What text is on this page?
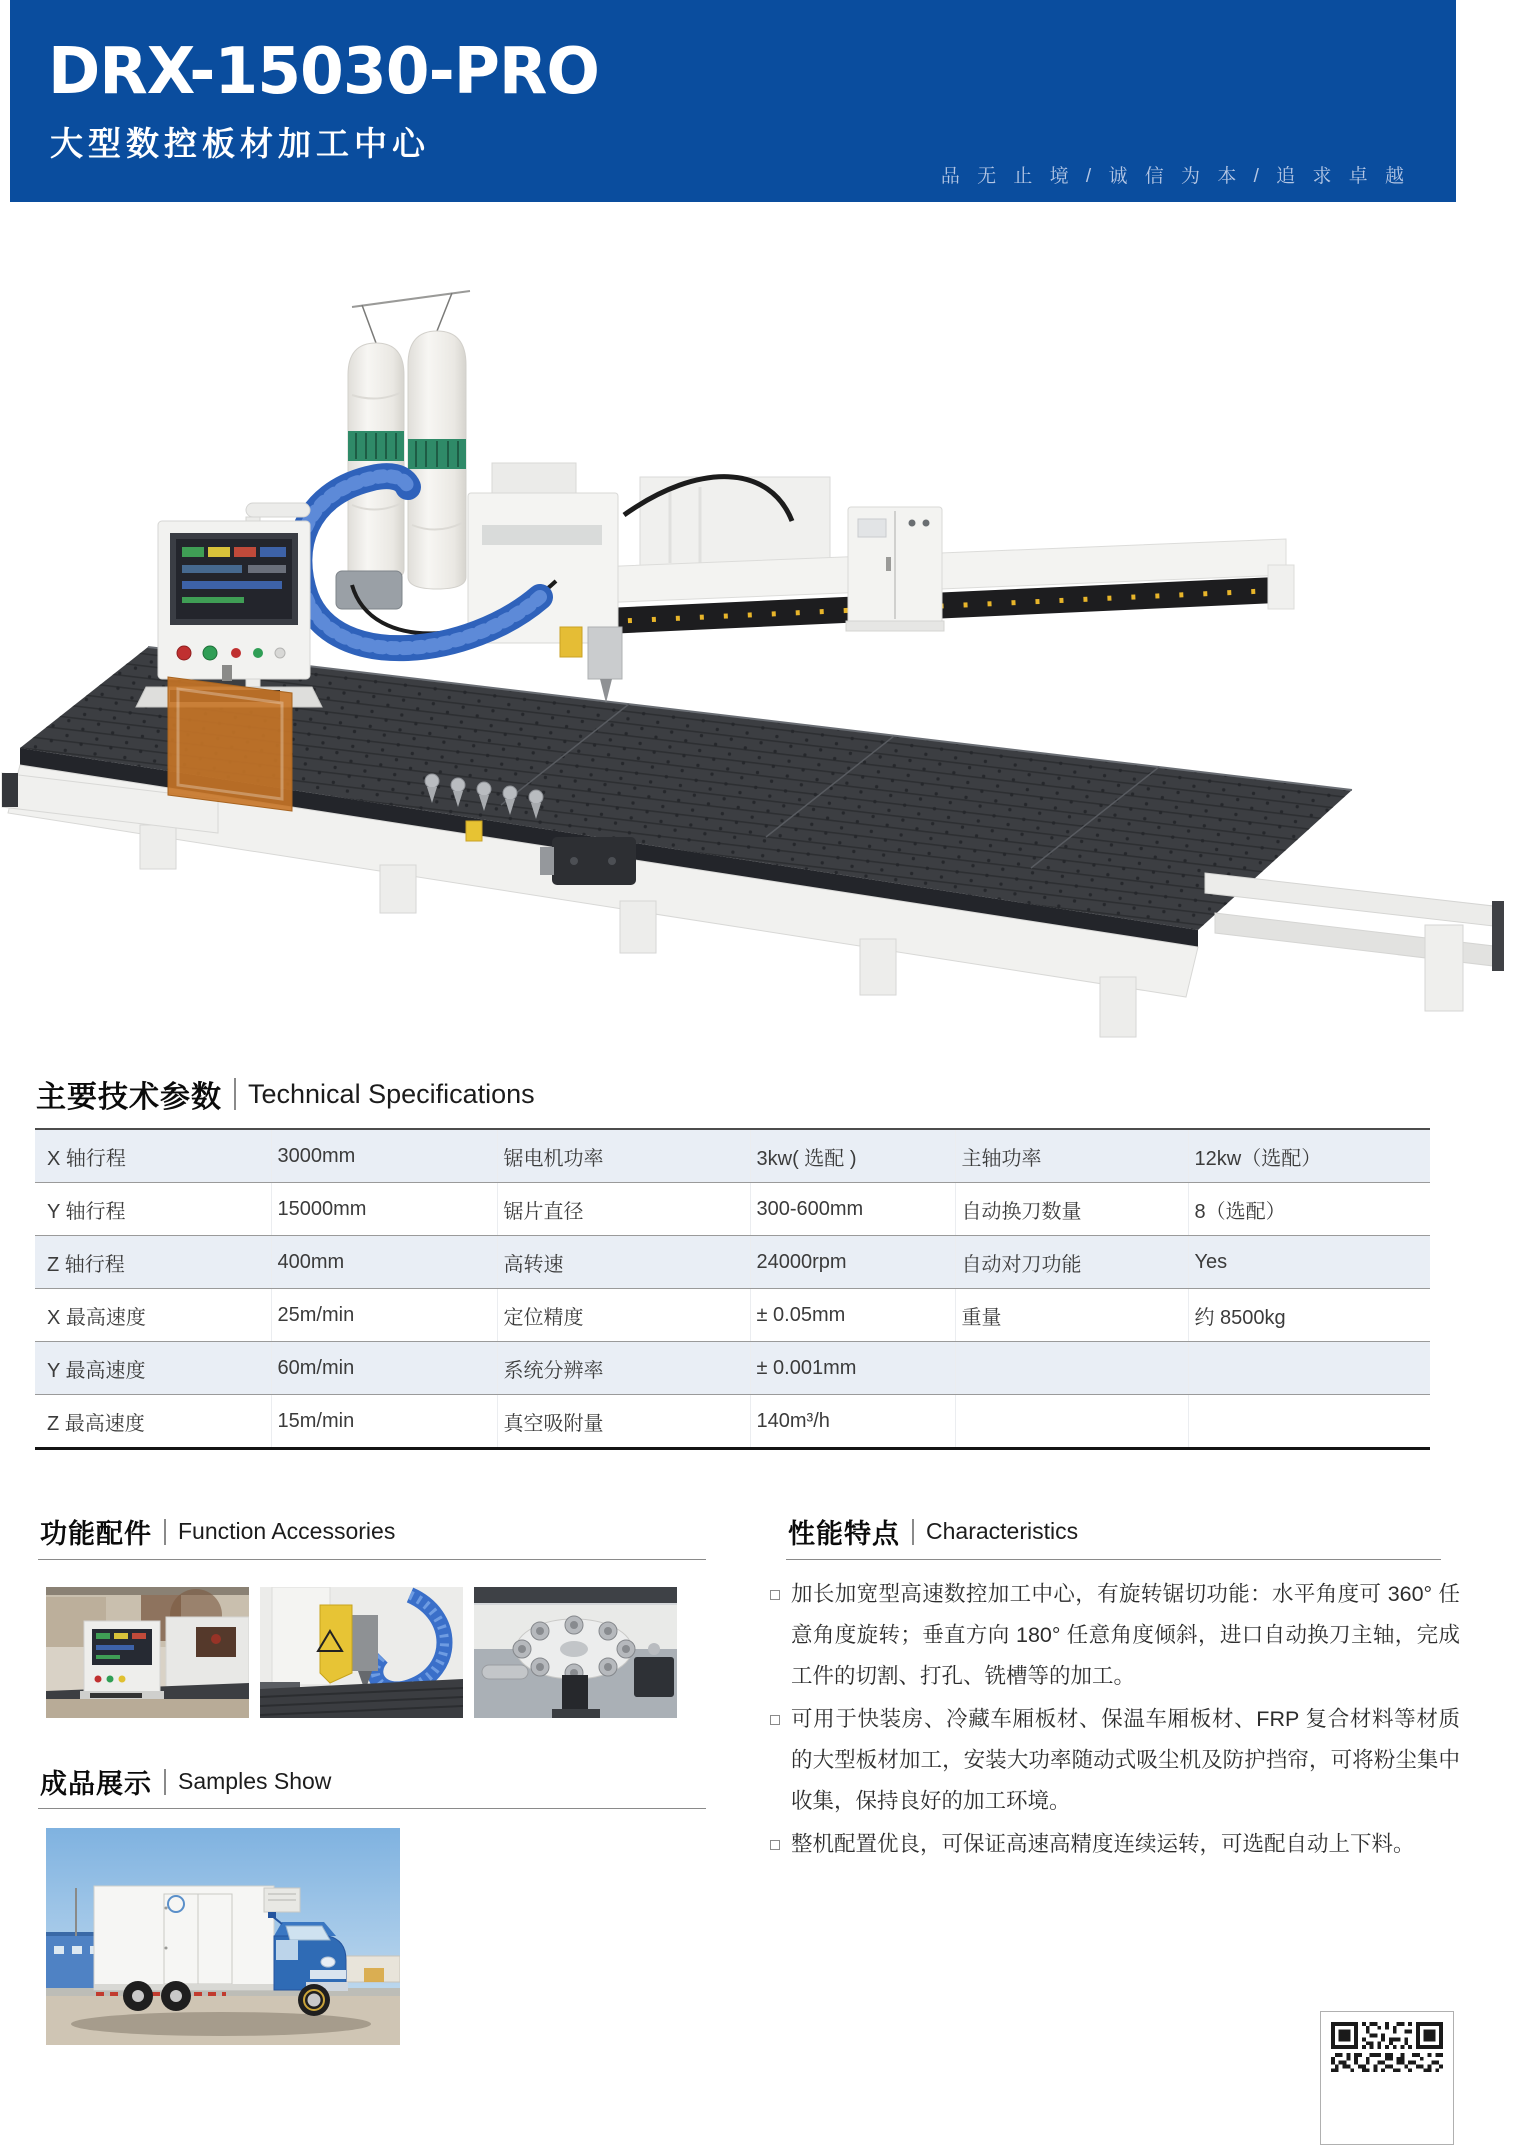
DRX-15030-PRO
大型数控板材加工中心
品 无 止 境 / 诚 信 为 本 / 追 求 卓 越
主要技术参数 Technical Specifications
X 轴行程	3000mm	锯电机功率	3kw( 选配 )	主轴功率	12kw（选配）
Y 轴行程	15000mm	锯片直径	300-600mm	自动换刀数量	8（选配）
Z 轴行程	400mm	高转速	24000rpm	自动对刀功能	Yes
X 最高速度	25m/min	定位精度	± 0.05mm	重量	约 8500kg
Y 最高速度	60m/min	系统分辨率	± 0.001mm		
Z 最高速度	15m/min	真空吸附量	140m³/h		
功能配件 Function Accessories	性能特点 Characteristics
加长加宽型高速数控加工中心，有旋转锯切功能：水平角度可 360° 任意角度旋转；垂直方向 180° 任意角度倾斜，进口自动换刀主轴，完成工件的切割、打孔、铣槽等的加工。
可用于快装房、冷藏车厢板材、保温车厢板材、FRP 复合材料等材质的大型板材加工，安装大功率随动式吸尘机及防护挡帘，可将粉尘集中收集，保持良好的加工环境。
整机配置优良，可保证高速高精度连续运转，可选配自动上下料。
成品展示 Samples Show
